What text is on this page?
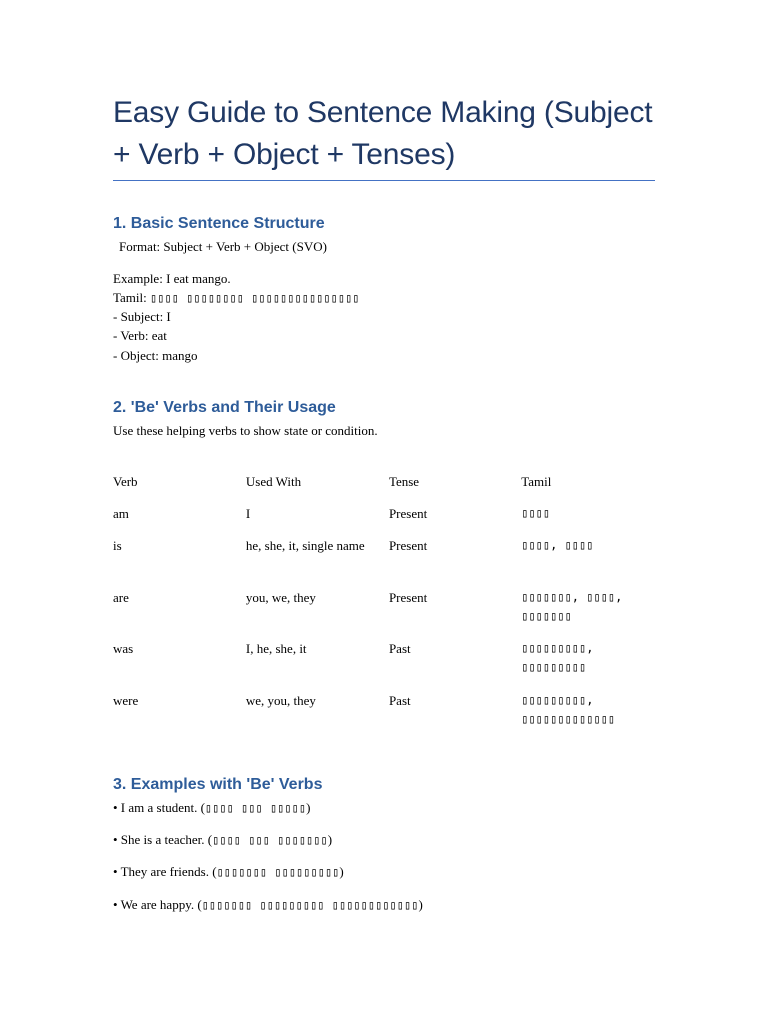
Easy Guide to Sentence Making (Subject + Verb + Object + Tenses)
1. Basic Sentence Structure

Format: Subject + Verb + Object (SVO)

Example: I eat mango.

Tamil: ▯▯▯▯ ▯▯▯▯▯▯▯▯ ▯▯▯▯▯▯▯▯▯▯▯▯▯▯▯

- Subject: I

- Verb: eat

- Object: mango

2. 'Be' Verbs and Their Usage

Use these helping verbs to show state or condition.

Verb	Used With	Tense	Tamil
am	I	Present	▯▯▯▯
is	he, she, it, single name	Present	▯▯▯▯, ▯▯▯▯
are	you, we, they	Present	▯▯▯▯▯▯▯, ▯▯▯▯, ▯▯▯▯▯▯▯
was	I, he, she, it	Past	▯▯▯▯▯▯▯▯▯, ▯▯▯▯▯▯▯▯▯
were	we, you, they	Past	▯▯▯▯▯▯▯▯▯, ▯▯▯▯▯▯▯▯▯▯▯▯▯
3. Examples with 'Be' Verbs

• I am a student. (▯▯▯▯ ▯▯▯ ▯▯▯▯▯)

• She is a teacher. (▯▯▯▯ ▯▯▯ ▯▯▯▯▯▯▯)

• They are friends. (▯▯▯▯▯▯▯ ▯▯▯▯▯▯▯▯▯)

• We are happy. (▯▯▯▯▯▯▯ ▯▯▯▯▯▯▯▯▯ ▯▯▯▯▯▯▯▯▯▯▯▯)
